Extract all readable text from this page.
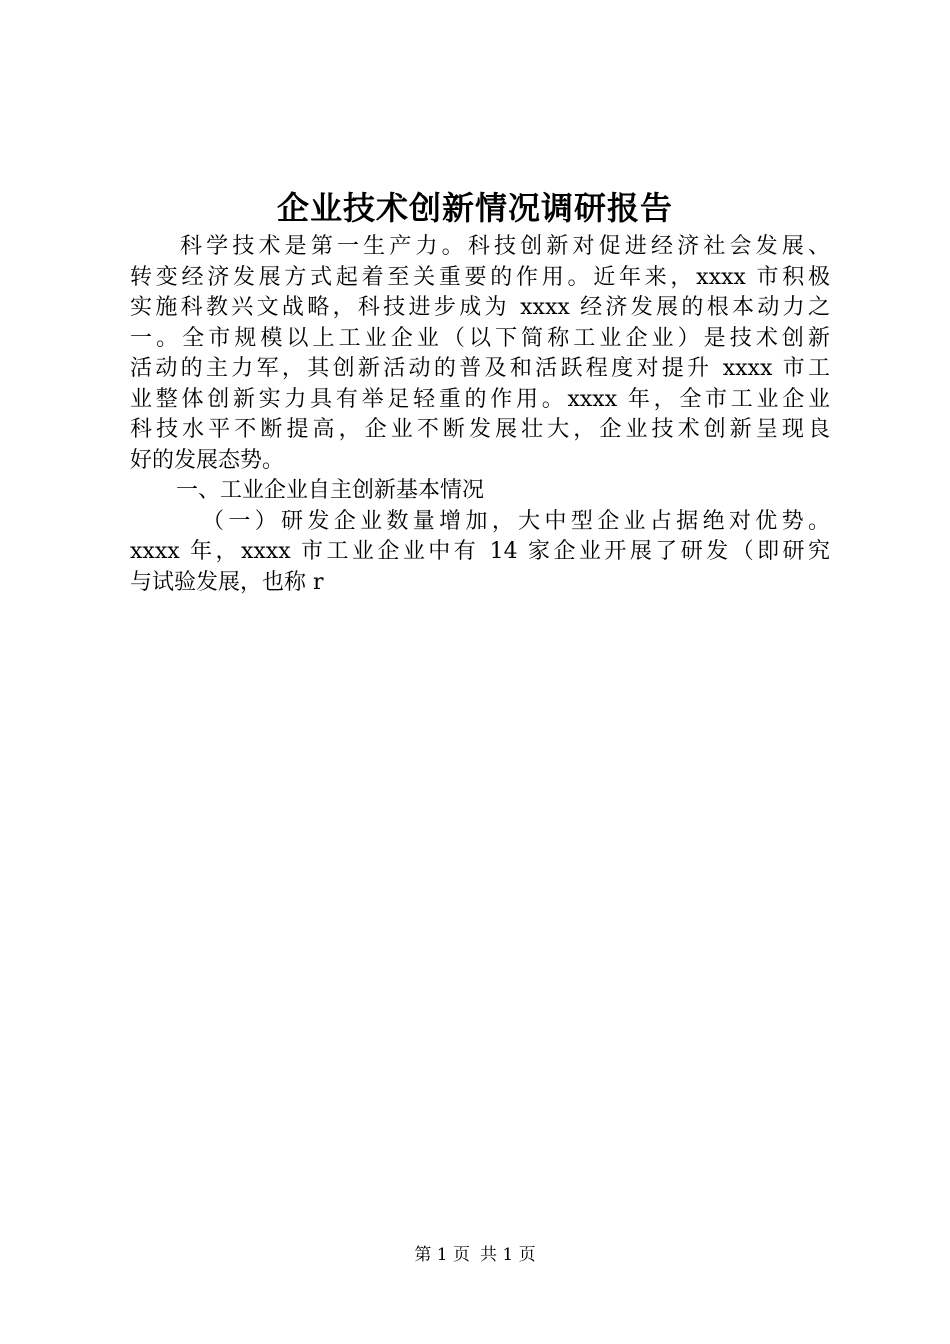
企业技术创新情况调研报告
科学技术是第一生产力。科技创新对促进经济社会发展、
转变经济发展方式起着至关重要的作用。近年来，xxxx 市积极
实施科教兴文战略，科技进步成为 xxxx 经济发展的根本动力之
一。全市规模以上工业企业（以下简称工业企业）是技术创新
活动的主力军，其创新活动的普及和活跃程度对提升 xxxx 市工
业整体创新实力具有举足轻重的作用。xxxx 年，全市工业企业
科技水平不断提高，企业不断发展壮大，企业技术创新呈现良
好的发展态势。
一、工业企业自主创新基本情况
（一）研发企业数量增加，大中型企业占据绝对优势。
xxxx 年，xxxx 市工业企业中有 14 家企业开展了研发（即研究
与试验发展，也称 r
第 1 页 共 1 页
